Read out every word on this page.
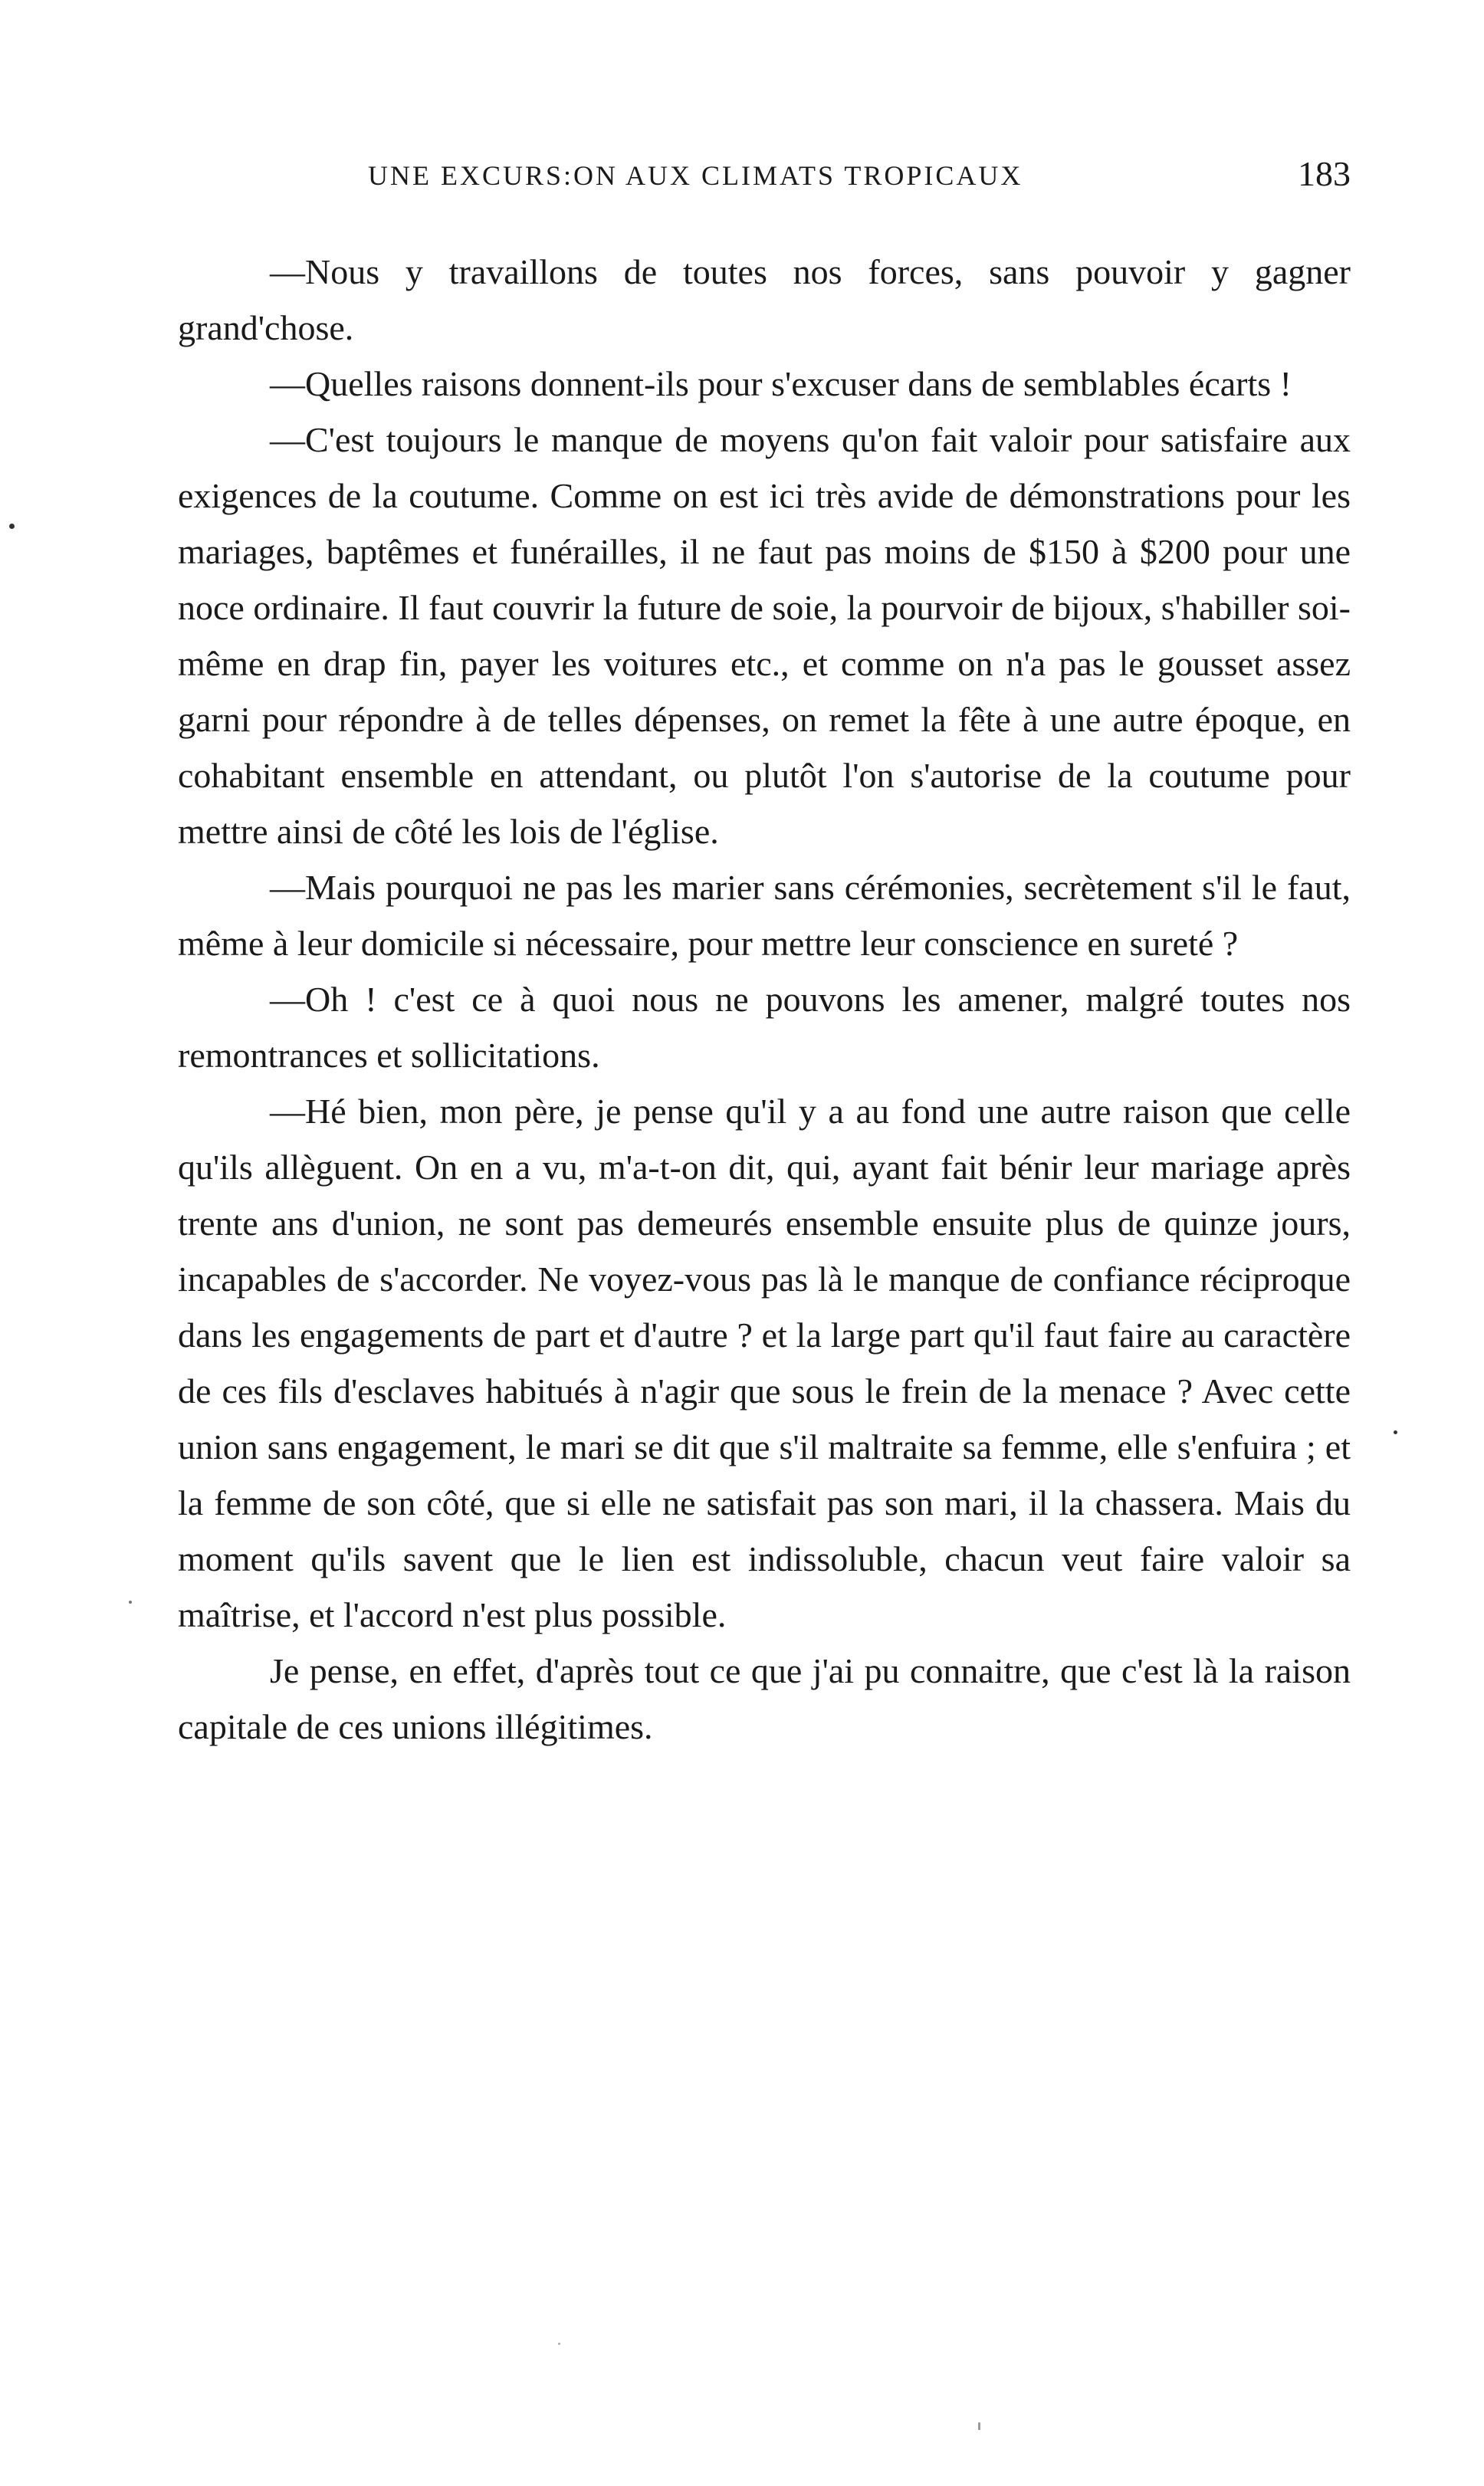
UNE EXCURS:ON AUX CLIMATS TROPICAUX	183

—Nous y travaillons de toutes nos forces, sans pouvoir y gagner grand'chose.

—Quelles raisons donnent-ils pour s'excuser dans de semblables écarts !

—C'est toujours le manque de moyens qu'on fait valoir pour satisfaire aux exigences de la coutume. Comme on est ici très avide de démonstrations pour les mariages, baptêmes et funérailles, il ne faut pas moins de $150 à $200 pour une noce ordinaire. Il faut couvrir la future de soie, la pourvoir de bijoux, s'habiller soi-même en drap fin, payer les voitures etc., et comme on n'a pas le gousset assez garni pour répondre à de telles dépenses, on remet la fête à une autre époque, en cohabitant ensemble en attendant, ou plutôt l'on s'autorise de la coutume pour mettre ainsi de côté les lois de l'église.

—Mais pourquoi ne pas les marier sans cérémonies, secrètement s'il le faut, même à leur domicile si nécessaire, pour mettre leur conscience en sureté ?

—Oh ! c'est ce à quoi nous ne pouvons les amener, malgré toutes nos remontrances et sollicitations.

—Hé bien, mon père, je pense qu'il y a au fond une autre raison que celle qu'ils allèguent. On en a vu, m'a-t-on dit, qui, ayant fait bénir leur mariage après trente ans d'union, ne sont pas demeurés ensemble ensuite plus de quinze jours, incapables de s'accorder. Ne voyez-vous pas là le manque de confiance réciproque dans les engagements de part et d'autre ? et la large part qu'il faut faire au caractère de ces fils d'esclaves habitués à n'agir que sous le frein de la menace ? Avec cette union sans engagement, le mari se dit que s'il maltraite sa femme, elle s'enfuira ; et la femme de son côté, que si elle ne satisfait pas son mari, il la chassera. Mais du moment qu'ils savent que le lien est indissoluble, chacun veut faire valoir sa maîtrise, et l'accord n'est plus possible.

Je pense, en effet, d'après tout ce que j'ai pu connaitre, que c'est là la raison capitale de ces unions illégitimes.
